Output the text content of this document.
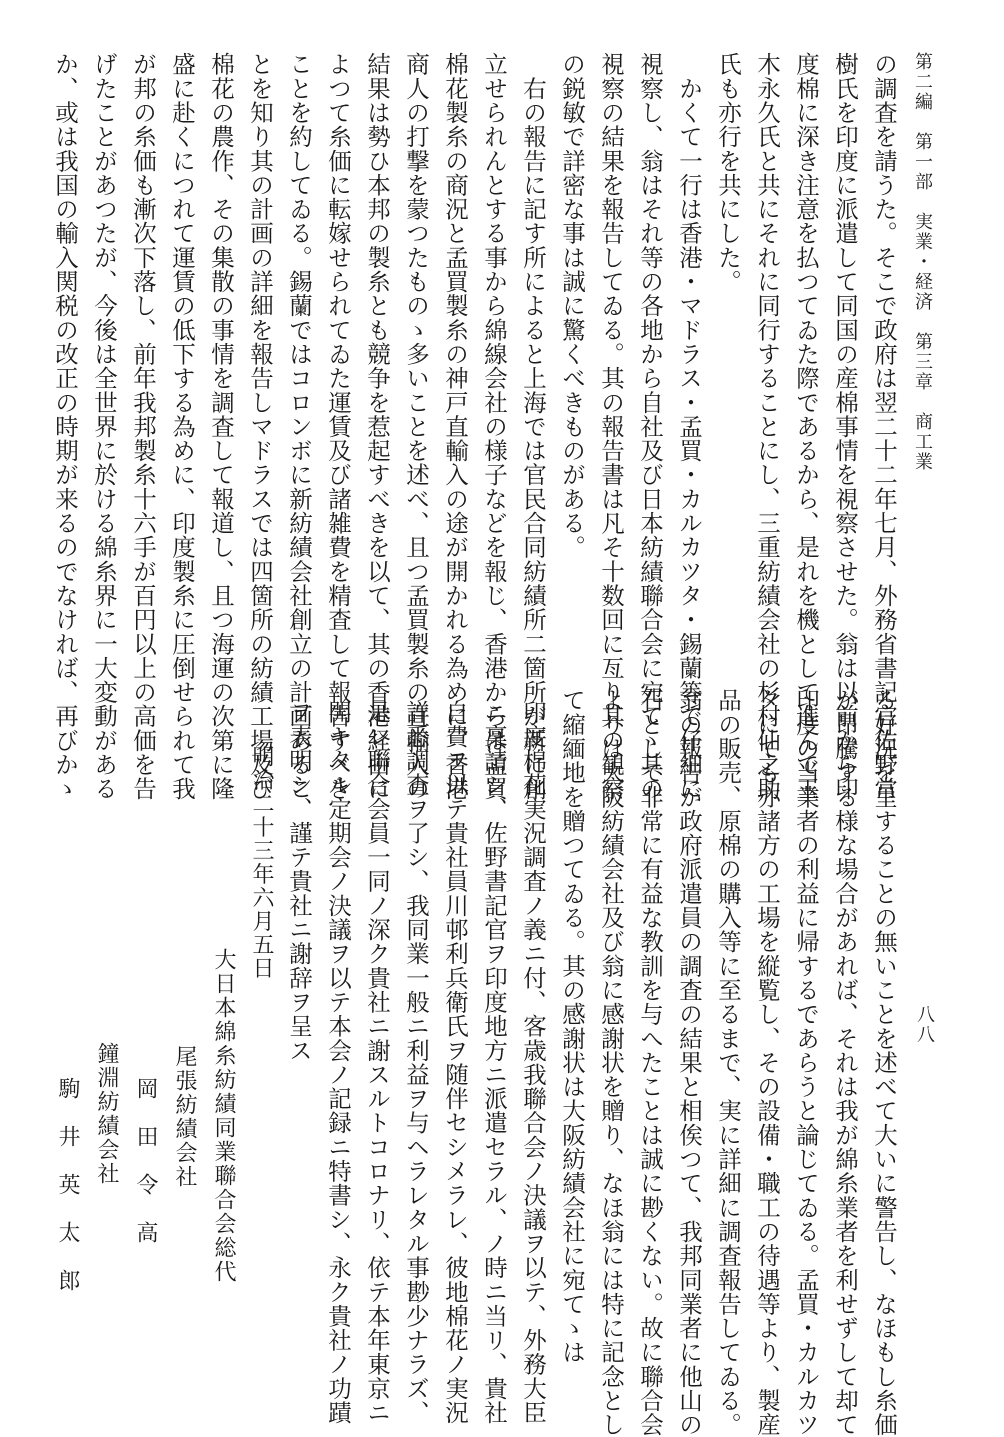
第二編　第一部　実業・経済　第三章　商工業
八八
の調査を請うた。そこで政府は翌二十二年七月、外務省書記官佐野常
樹氏を印度に派遣して同国の産棉事情を視察させた。翁は以前から印
度棉に深き注意を払つてゐた際であるから、是れを機として進んで玉
木永久氏と共にそれに同行することにし、三重紡績会社の杉村仙之助
氏も亦行を共にした。
　かくて一行は香港・マドラス・孟買・カルカツタ・錫蘭等で仔細に
視察し、翁はそれ等の各地から自社及び日本紡績聯合会に宛てゝ其の
視察の結果を報告してゐる。其の報告書は凡そ十数回に亙り其の観察
の鋭敏で詳密な事は誠に驚くべきものがある。
　右の報告に記す所によると上海では官民合同紡績所二箇所が新に創
立せられんとする事から綿線会社の様子などを報じ、香港からは孟買
棉花製糸の商況と孟買製糸の神戸直輸入の途が開かれる為めに、香港
商人の打撃を蒙つたものゝ多いことを述べ、且つ孟買製糸の直輸入の
結果は勢ひ本邦の製糸とも競争を惹起すべきを以て、其の香港経由に
よつて糸価に転嫁せられてゐた運賃及び諸雑費を精査して報告すべき
ことを約してゐる。錫蘭ではコロンボに新紡績会社創立の計画あるこ
とを知り其の計画の詳細を報告しマドラスでは四箇所の紡績工場及び
棉花の農作、その集散の事情を調査して報道し、且つ海運の次第に隆
盛に赴くにつれて運賃の低下する為めに、印度製糸に圧倒せられて我
が邦の糸価も漸次下落し、前年我邦製糸十六手が百円以上の高価を告
げたことがあつたが、今後は全世界に於ける綿糸界に一大変動がある
か、或は我国の輸入関税の改正の時期が来るのでなければ、再びかゝ
る好況を呈することの無いことを述べて大いに警告し、なほもし糸価
が昂騰する様な場合があれば、それは我が綿糸業者を利せずして却て
印度の当業者の利益に帰するであらうと論じてゐる。孟買・カルカツ
タにても亦諸方の工場を縦覧し、その設備・職工の待遇等より、製産
品の販売、原棉の購入等に至るまで、実に詳細に調査報告してゐる。
翁の報告が政府派遣員の調査の結果と相俟つて、我邦同業者に他山の
石として非常に有益な教訓を与へたことは誠に尠くない。故に聯合会
よりは大阪紡績会社及び翁に感謝状を贈り、なほ翁には特に記念とし
て縮緬地を贈つてゐる。其の感謝状は大阪紡績会社に宛てゝは
印度棉花実況調査ノ義ニ付、客歳我聯合会ノ決議ヲ以テ、外務大臣
ニ稟請シ、佐野書記官ヲ印度地方ニ派遣セラル、ノ時ニ当リ、貴社
自費ヲ以テ貴社員川邨利兵衛氏ヲ随伴セシメラレ、彼地棉花ノ実況
詳悉調査ヲ了シ、我同業一般ニ利益ヲ与ヘラレタル事尠少ナラズ、
是レ聯合会員一同ノ深ク貴社ニ謝スルトコロナリ、依テ本年東京ニ
開キタル定期会ノ決議ヲ以テ本会ノ記録ニ特書シ、永ク貴社ノ功蹟
ヲ表明シ、謹テ貴社ニ謝辞ヲ呈ス
明治二十三年六月五日
大日本綿糸紡績同業聯合会総代
尾張紡績会社
岡　田　令　高
鐘淵紡績会社
駒　井　英　太　郎
